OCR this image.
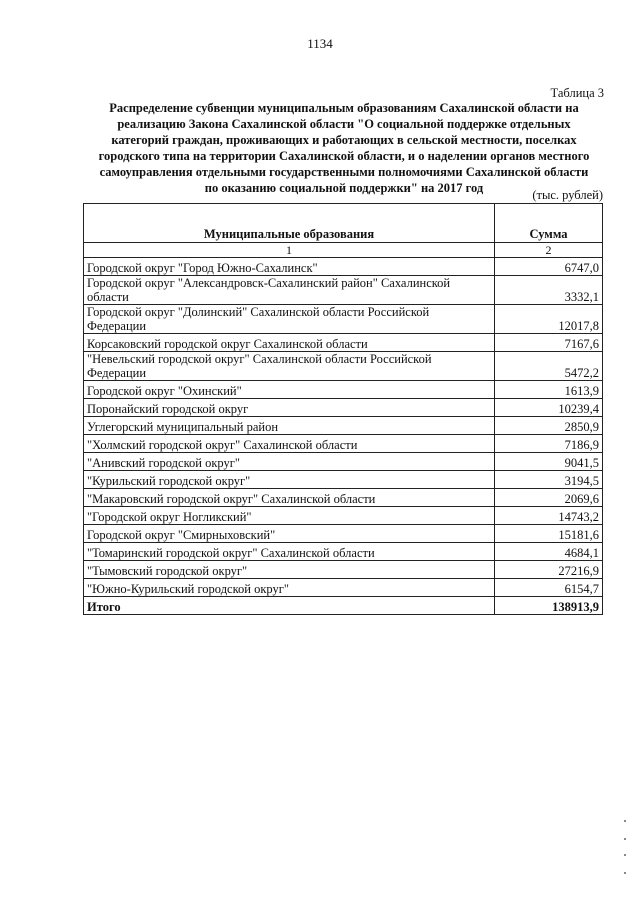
1134
Таблица 3
Распределение субвенции муниципальным образованиям Сахалинской области на
реализацию Закона Сахалинской области "О социальной поддержке отдельных
категорий граждан, проживающих и работающих в сельской местности, поселках
городского типа на территории Сахалинской области, и о наделении органов местного
самоуправления отдельными государственными полномочиями Сахалинской области
по оказанию социальной поддержки" на 2017 год	(тыс. рублей)
Муниципальные образования	Сумма
1	2

Городской округ "Город Южно-Сахалинск"	6747,0

Городской округ "Александровск-Сахалинский район" Сахалинской
области	3332,1

Городской округ "Долинский" Сахалинской области Российской
Федерации	12017,8

Корсаковский городской округ Сахалинской области	7167,6

"Невельский городской округ" Сахалинской области Российской
Федерации	5472,2

Городской округ "Охинский"	1613,9

Поронайский городской округ	10239,4

Углегорский муниципальный район	2850,9

"Холмский городской округ" Сахалинской области	7186,9

"Анивский городской округ"	9041,5

"Курильский городской округ"	3194,5

"Макаровский городской округ" Сахалинской области	2069,6

"Городской округ Ногликский"	14743,2

Городской округ "Смирныховский"	15181,6

"Томаринский городской округ" Сахалинской области	4684,1

"Тымовский городской округ"	27216,9

"Южно-Курильский городской округ"	6154,7
Итого	138913,9
